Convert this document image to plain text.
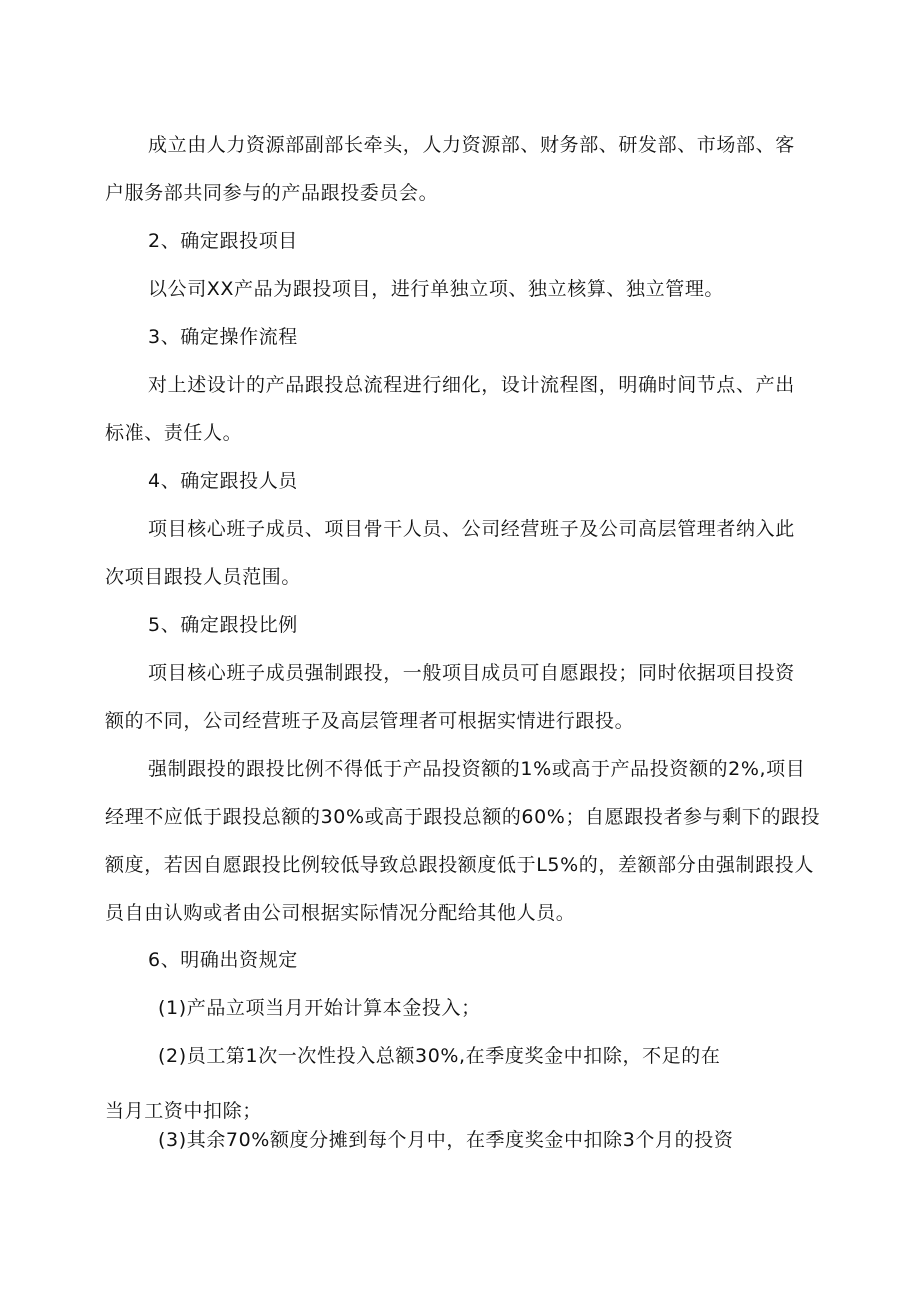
成立由人力资源部副部长牵头，人力资源部、财务部、研发部、市场部、客
户服务部共同参与的产品跟投委员会。
2、确定跟投项目
以公司XX产品为跟投项目，进行单独立项、独立核算、独立管理。
3、确定操作流程
对上述设计的产品跟投总流程进行细化，设计流程图，明确时间节点、产出
标准、责任人。
4、确定跟投人员
项目核心班子成员、项目骨干人员、公司经营班子及公司高层管理者纳入此
次项目跟投人员范围。
5、确定跟投比例
项目核心班子成员强制跟投，一般项目成员可自愿跟投；同时依据项目投资
额的不同，公司经营班子及高层管理者可根据实情进行跟投。
强制跟投的跟投比例不得低于产品投资额的1%或高于产品投资额的2%,项目
经理不应低于跟投总额的30%或高于跟投总额的60%；自愿跟投者参与剩下的跟投
额度，若因自愿跟投比例较低导致总跟投额度低于L5%的，差额部分由强制跟投人
员自由认购或者由公司根据实际情况分配给其他人员。
6、明确出资规定
(1)产品立项当月开始计算本金投入；
(2)员工第1次一次性投入总额30%,在季度奖金中扣除，不足的在
当月工资中扣除；
(3)其余70%额度分摊到每个月中，在季度奖金中扣除3个月的投资
